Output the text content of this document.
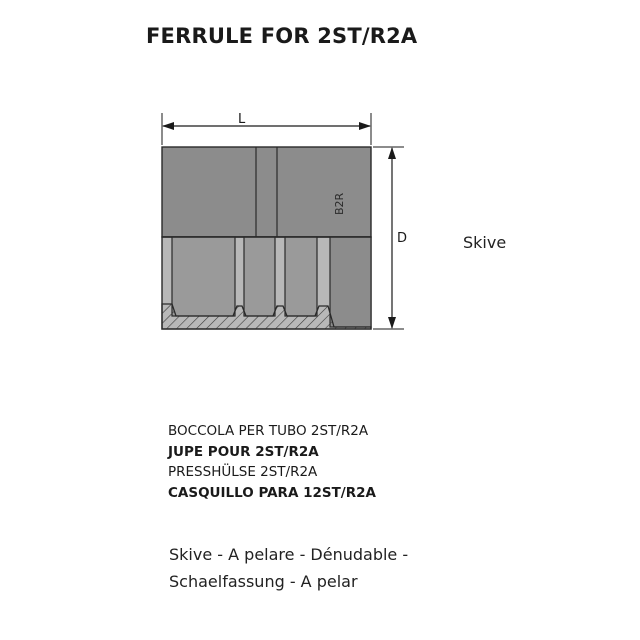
FERRULE FOR 2ST/R2A
L
D
B2R
Skive
BOCCOLA PER TUBO 2ST/R2A
JUPE POUR 2ST/R2A
PRESSHÜLSE 2ST/R2A
CASQUILLO PARA 12ST/R2A
Skive - A pelare - Dénudable -
Schaelfassung - A pelar
